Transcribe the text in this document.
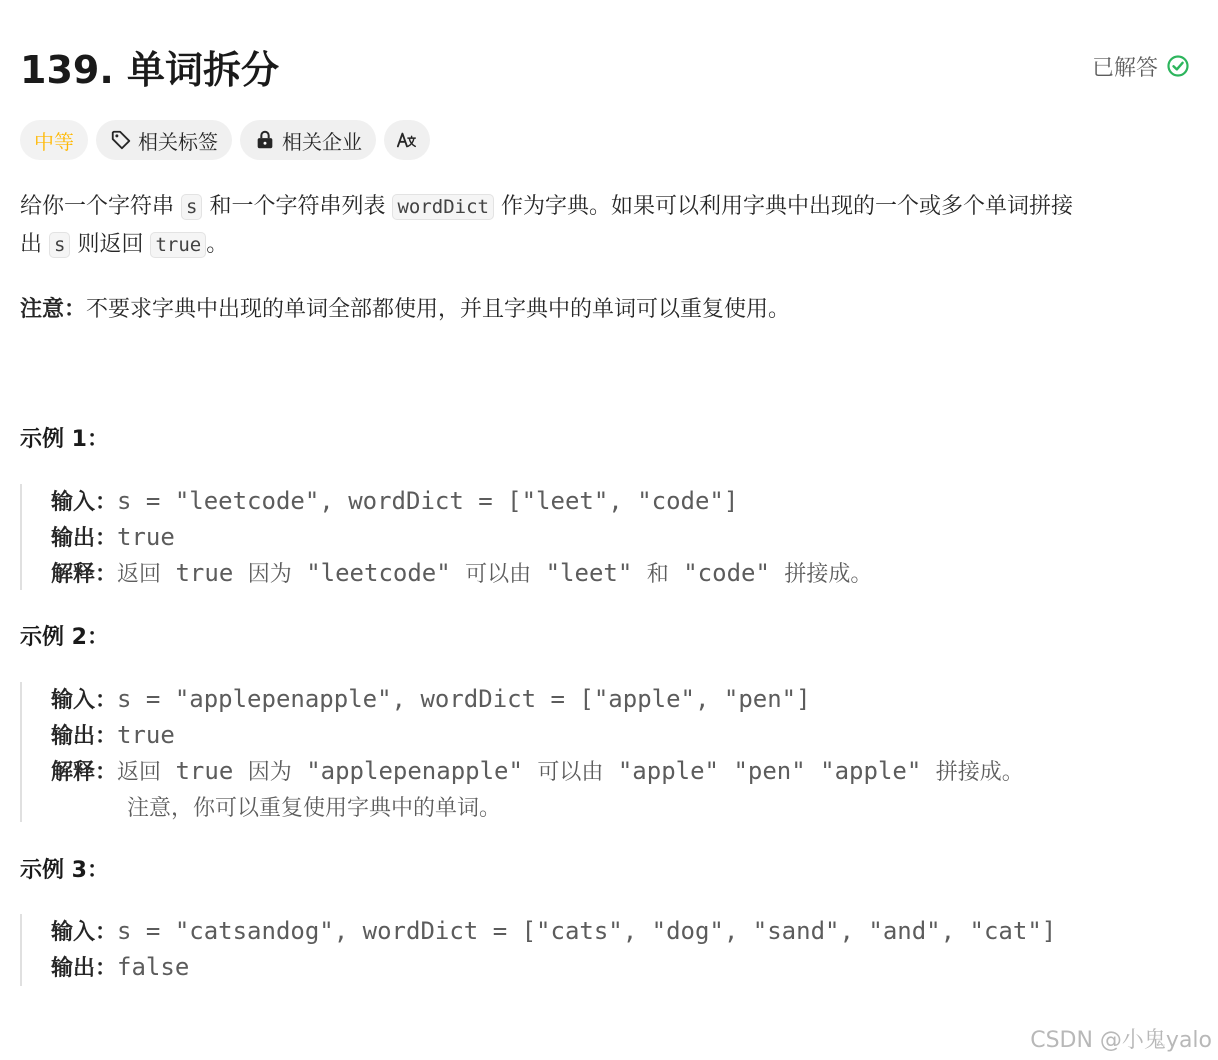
139. 单词拆分	已解答
中等	相关标签	相关企业
给你一个字符串 s 和一个字符串列表 wordDict 作为字典。如果可以利用字典中出现的一个或多个单词拼接
出 s 则返回 true 。
注意：不要求字典中出现的单词全部都使用，并且字典中的单词可以重复使用。
示例 1：
输入：s = "leetcode", wordDict = ["leet", "code"]
输出：true
解释：返回 true 因为 "leetcode" 可以由 "leet" 和 "code" 拼接成。
示例 2：
输入：s = "applepenapple", wordDict = ["apple", "pen"]
输出：true
解释：返回 true 因为 "applepenapple" 可以由 "apple" "pen" "apple" 拼接成。
注意，你可以重复使用字典中的单词。
示例 3：
输入：s = "catsandog", wordDict = ["cats", "dog", "sand", "and", "cat"]
输出：false
CSDN @小鬼yalo
